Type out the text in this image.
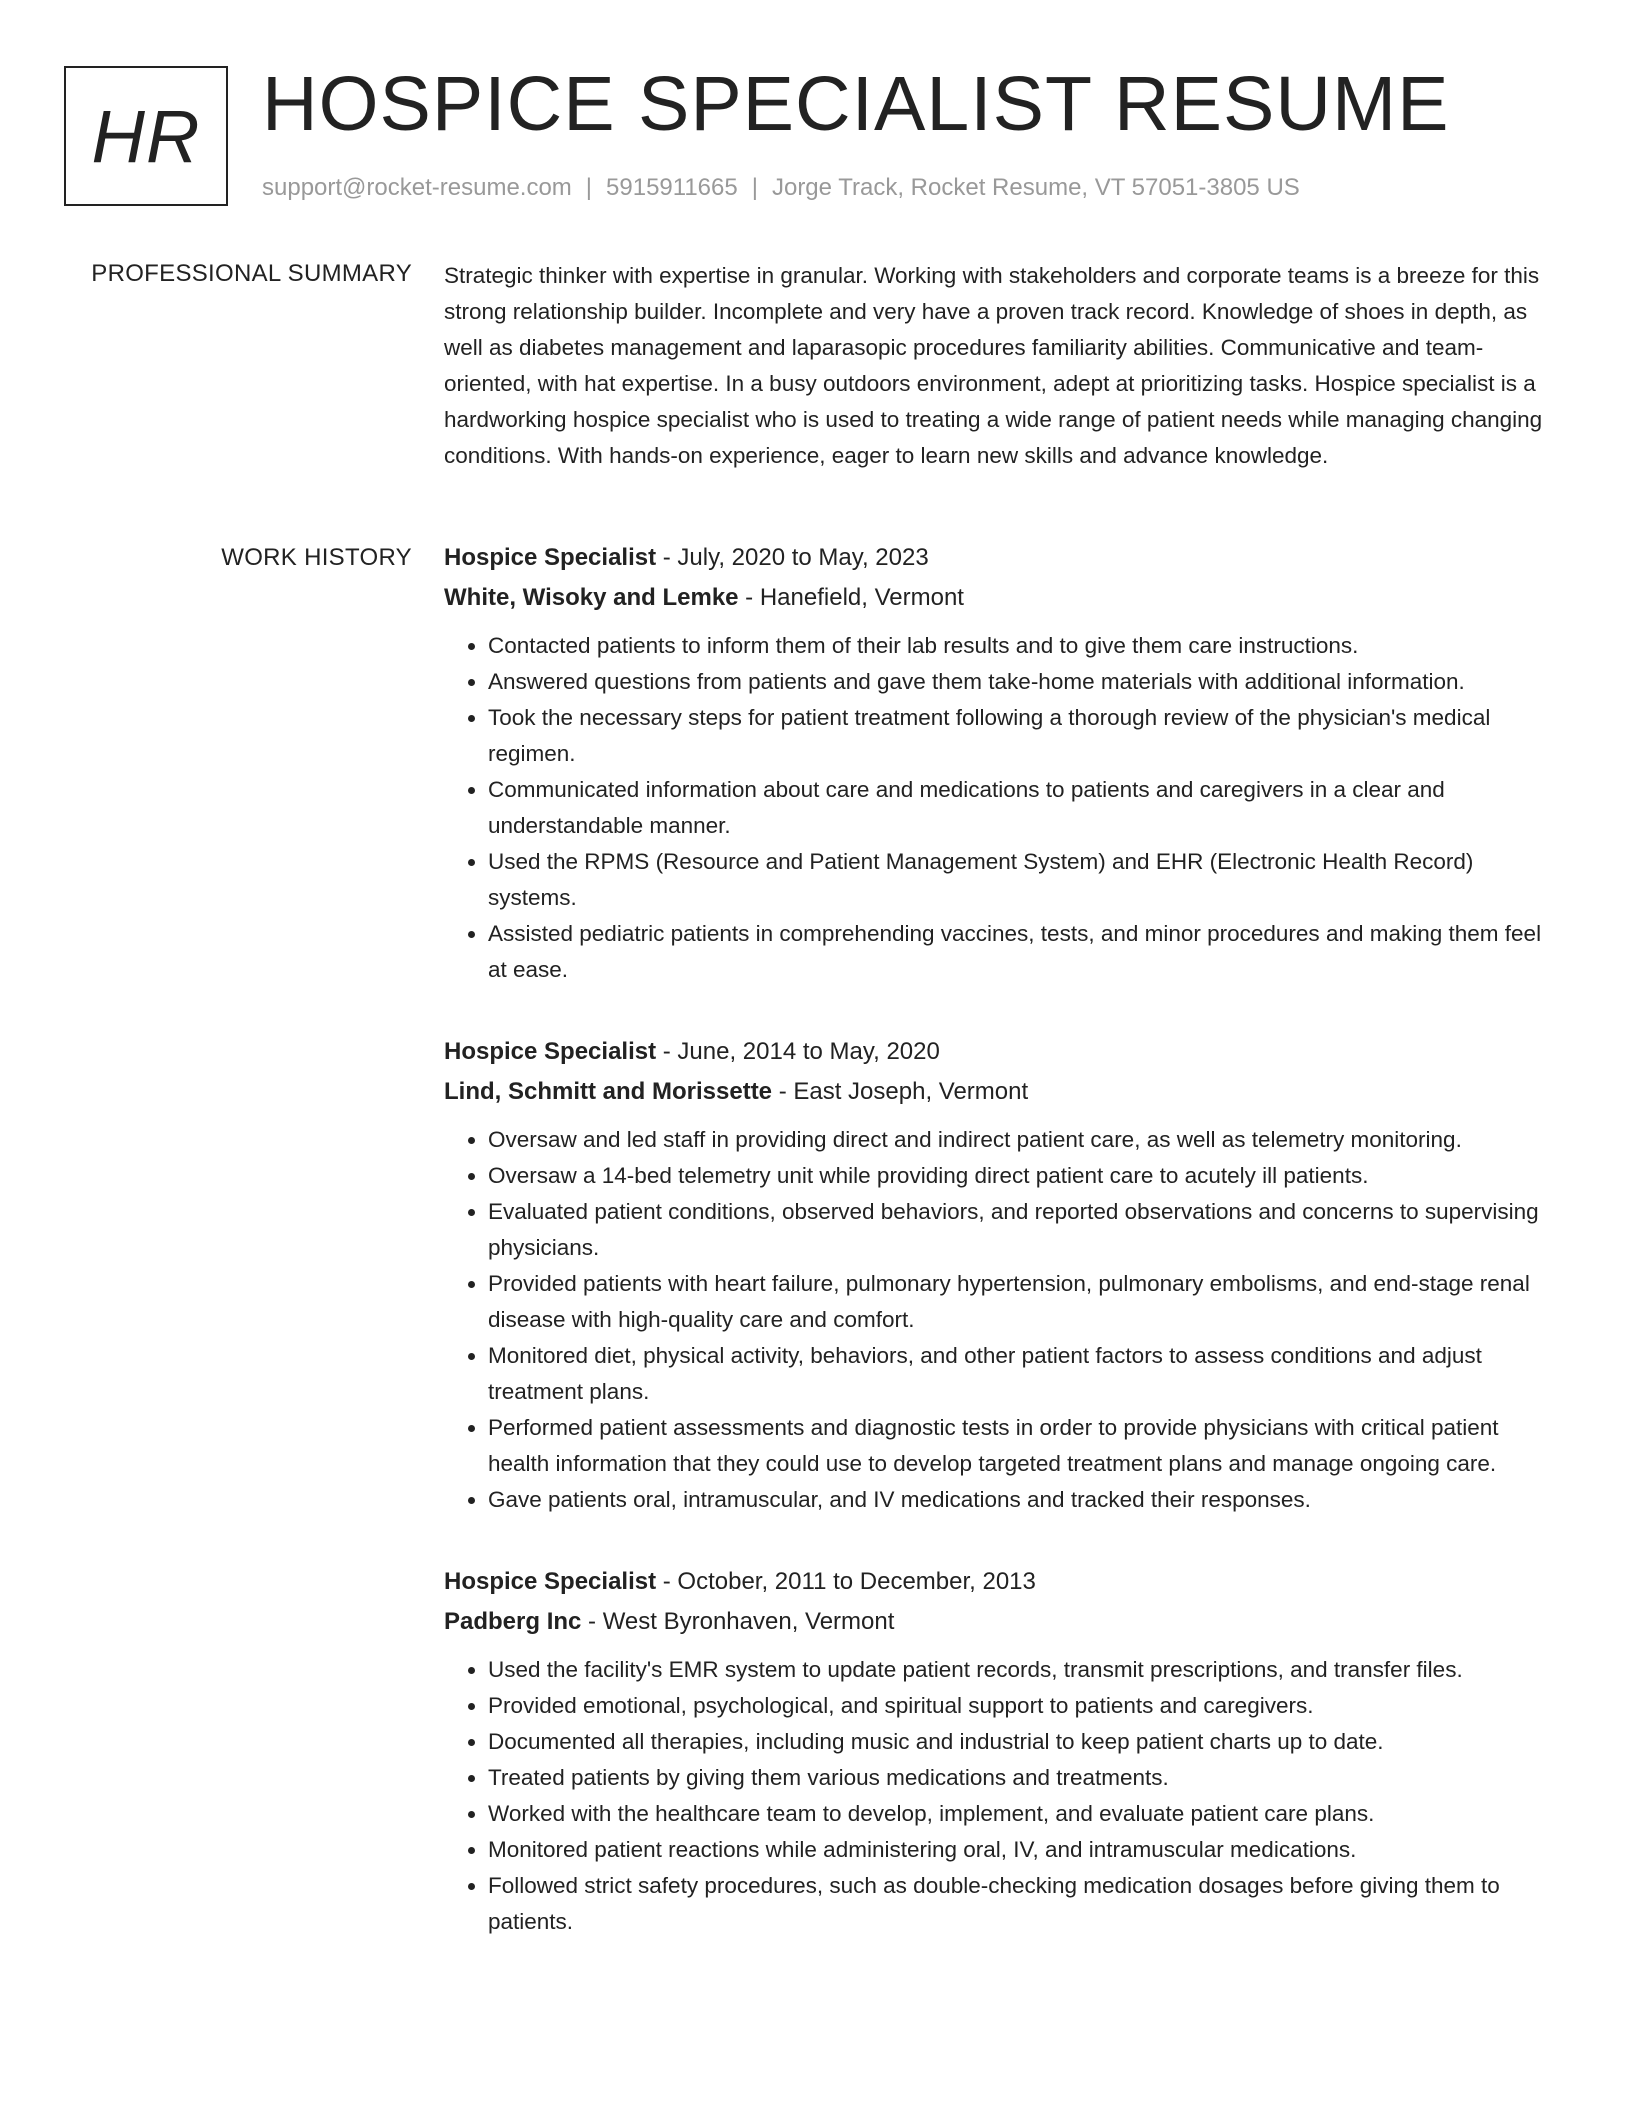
HR HOSPICE SPECIALIST RESUME
support@rocket-resume.com | 5915911665 | Jorge Track, Rocket Resume, VT 57051-3805 US
PROFESSIONAL SUMMARY Strategic thinker with expertise in granular. Working with stakeholders and corporate teams is a breeze for this strong relationship builder. Incomplete and very have a proven track record. Knowledge of shoes in depth, as well as diabetes management and laparasopic procedures familiarity abilities. Communicative and team-oriented, with hat expertise. In a busy outdoors environment, adept at prioritizing tasks. Hospice specialist is a hardworking hospice specialist who is used to treating a wide range of patient needs while managing changing conditions. With hands-on experience, eager to learn new skills and advance knowledge.

WORK HISTORY Hospice Specialist - July, 2020 to May, 2023
White, Wisoky and Lemke - Hanefield, Vermont
• Contacted patients to inform them of their lab results and to give them care instructions.
• Answered questions from patients and gave them take-home materials with additional information.
• Took the necessary steps for patient treatment following a thorough review of the physician's medical regimen.
• Communicated information about care and medications to patients and caregivers in a clear and understandable manner.
• Used the RPMS (Resource and Patient Management System) and EHR (Electronic Health Record) systems.
• Assisted pediatric patients in comprehending vaccines, tests, and minor procedures and making them feel at ease.
Hospice Specialist - June, 2014 to May, 2020
Lind, Schmitt and Morissette - East Joseph, Vermont
• Oversaw and led staff in providing direct and indirect patient care, as well as telemetry monitoring.
• Oversaw a 14-bed telemetry unit while providing direct patient care to acutely ill patients.
• Evaluated patient conditions, observed behaviors, and reported observations and concerns to supervising physicians.
• Provided patients with heart failure, pulmonary hypertension, pulmonary embolisms, and end-stage renal disease with high-quality care and comfort.
• Monitored diet, physical activity, behaviors, and other patient factors to assess conditions and adjust treatment plans.
• Performed patient assessments and diagnostic tests in order to provide physicians with critical patient health information that they could use to develop targeted treatment plans and manage ongoing care.
• Gave patients oral, intramuscular, and IV medications and tracked their responses.
Hospice Specialist - October, 2011 to December, 2013
Padberg Inc - West Byronhaven, Vermont
• Used the facility's EMR system to update patient records, transmit prescriptions, and transfer files.
• Provided emotional, psychological, and spiritual support to patients and caregivers.
• Documented all therapies, including music and industrial to keep patient charts up to date.
• Treated patients by giving them various medications and treatments.
• Worked with the healthcare team to develop, implement, and evaluate patient care plans.
• Monitored patient reactions while administering oral, IV, and intramuscular medications.
• Followed strict safety procedures, such as double-checking medication dosages before giving them to patients.
